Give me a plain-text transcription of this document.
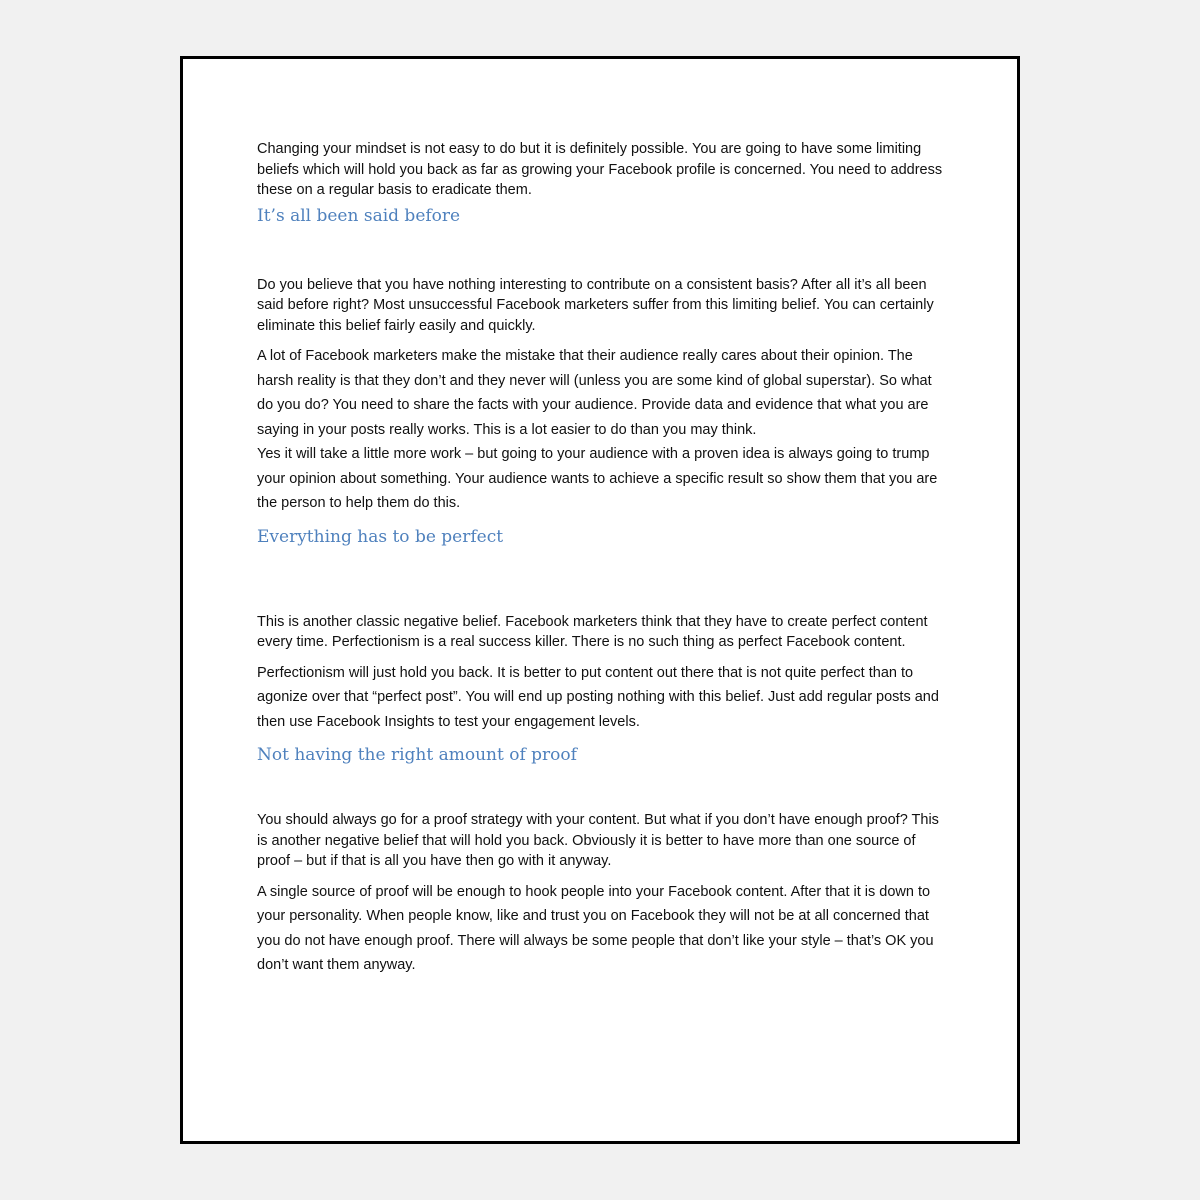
Changing your mindset is not easy to do but it is definitely possible. You are going to have some limiting beliefs which will hold you back as far as growing your Facebook profile is concerned. You need to address these on a regular basis to eradicate them.

It’s all been said before

Do you believe that you have nothing interesting to contribute on a consistent basis? After all it’s all been said before right? Most unsuccessful Facebook marketers suffer from this limiting belief. You can certainly eliminate this belief fairly easily and quickly.

A lot of Facebook marketers make the mistake that their audience really cares about their opinion. The harsh reality is that they don’t and they never will (unless you are some kind of global superstar). So what do you do? You need to share the facts with your audience. Provide data and evidence that what you are saying in your posts really works. This is a lot easier to do than you may think.

Yes it will take a little more work – but going to your audience with a proven idea is always going to trump your opinion about something. Your audience wants to achieve a specific result so show them that you are the person to help them do this.

Everything has to be perfect

This is another classic negative belief. Facebook marketers think that they have to create perfect content every time. Perfectionism is a real success killer. There is no such thing as perfect Facebook content.

Perfectionism will just hold you back. It is better to put content out there that is not quite perfect than to agonize over that “perfect post”. You will end up posting nothing with this belief. Just add regular posts and then use Facebook Insights to test your engagement levels.

Not having the right amount of proof

You should always go for a proof strategy with your content. But what if you don’t have enough proof? This is another negative belief that will hold you back. Obviously it is better to have more than one source of proof – but if that is all you have then go with it anyway.

A single source of proof will be enough to hook people into your Facebook content. After that it is down to your personality. When people know, like and trust you on Facebook they will not be at all concerned that you do not have enough proof. There will always be some people that don’t like your style – that’s OK you don’t want them anyway.
